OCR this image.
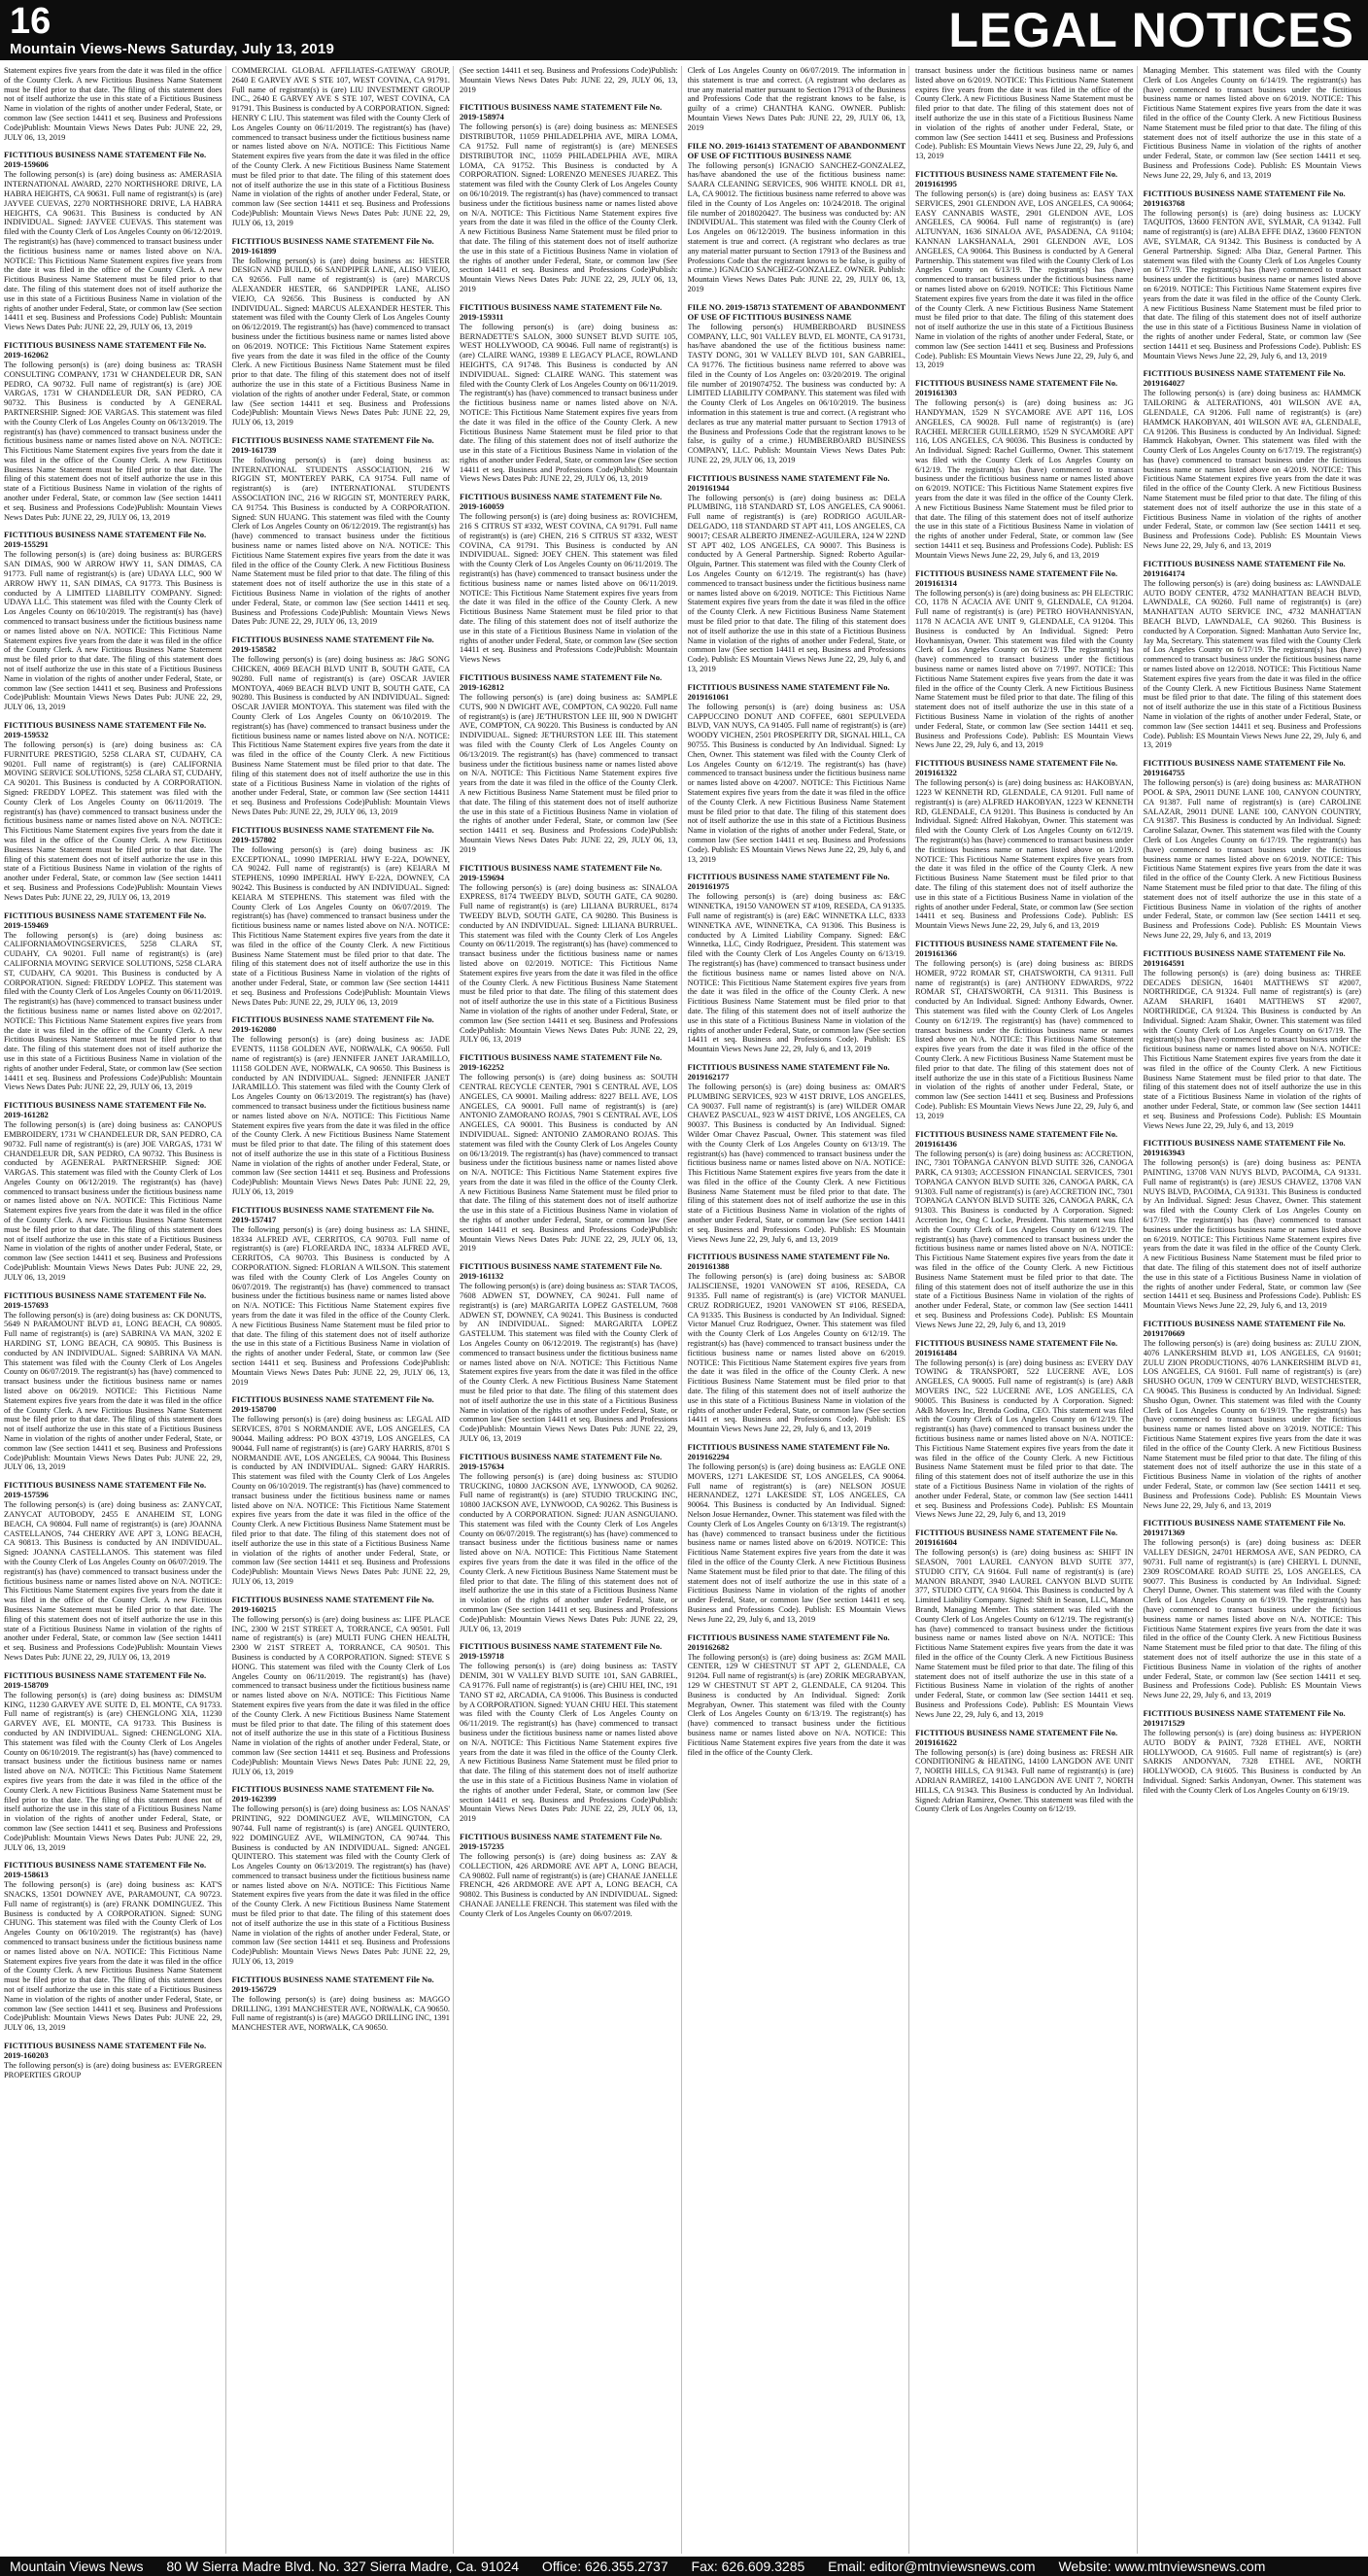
16
Mountain Views-News Saturday, July 13, 2019	LEGAL NOTICES

Statement expires five years from the date it was filed in the office of the County Clerk. A new Fictitious Business Name Statement must be filed prior to that date. The filing of this statement does not of itself authorize the use in this state of a Fictitious Business Name in violation of the rights of another under Federal, State, or common law (See section 14411 et seq. Business and Professions Code)Publish: Mountain Views News Dates Pub: JUNE 22, 29, JULY 06, 13, 2019

FICTITIOUS BUSINESS NAME STATEMENT File No. 2019-159606

The following person(s) is (are) doing business as: AMERASIA INTERNATIONAL AWARD, 2270 NORTHSHORE DRIVE, LA HABRA HEIGHTS, CA 90631. Full name of registrant(s) is (are) JAYVEE CUEVAS, 2270 NORTHSHORE DRIVE, LA HABRA HEIGHTS, CA 90631. This Business is conducted by AN INDIVIDUAL. Signed: JAYVEE CUEVAS. This statement was filed with the County Clerk of Los Angeles County on 06/12/2019. The registrant(s) has (have) commenced to transact business under the fictitious business name or names listed above on N/A. NOTICE: This Fictitious Name Statement expires five years from the date it was filed in the office of the County Clerk. A new Fictitious Business Name Statement must be filed prior to that date. The filing of this statement does not of itself authorize the use in this state of a Fictitious Business Name in violation of the rights of another under Federal, State, or common law (See section 14411 et seq. Business and Professions Code) Publish: Mountain Views News Dates Pub: JUNE 22, 29, JULY 06, 13, 2019

FICTITIOUS BUSINESS NAME STATEMENT File No. 2019-162062

The following person(s) is (are) doing business as: TRASH CONSULTING COMPANY, 1731 W CHANDELEUR DR, SAN PEDRO, CA 90732. Full name of registrant(s) is (are) JOE VARGAS, 1731 W CHANDELEUR DR, SAN PEDRO, CA 90732. This Business is conducted by A GENERAL PARTNERSHIP. Signed: JOE VARGAS. This statement was filed with the County Clerk of Los Angeles County on 06/13/2019. The registrant(s) has (have) commenced to transact business under the fictitious business name or names listed above on N/A. NOTICE: This Fictitious Name Statement expires five years from the date it was filed in the office of the County Clerk. A new Fictitious Business Name Statement must be filed prior to that date. The filing of this statement does not of itself authorize the use in this state of a Fictitious Business Name in violation of the rights of another under Federal, State, or common law (See section 14411 et seq. Business and Professions Code)Publish: Mountain Views News Dates Pub: JUNE 22, 29, JULY 06, 13, 2019

FICTITIOUS BUSINESS NAME STATEMENT File No. 2019-155291

The following person(s) is (are) doing business as: BURGERS SAN DIMAS, 900 W ARROW HWY 11, SAN DIMAS, CA 91773. Full name of registrant(s) is (are) UDAYA LLC, 900 W ARROW HWY 11, SAN DIMAS, CA 91773. This Business is conducted by A LIMITED LIABILITY COMPANY. Signed: UDAYA LLC. This statement was filed with the County Clerk of Los Angeles County on 06/10/2019. The registrant(s) has (have) commenced to transact business under the fictitious business name or names listed above on N/A. NOTICE: This Fictitious Name Statement expires five years from the date it was filed in the office of the County Clerk. A new Fictitious Business Name Statement must be filed prior to that date. The filing of this statement does not of itself authorize the use in this state of a Fictitious Business Name in violation of the rights of another under Federal, State, or common law (See section 14411 et seq. Business and Professions Code)Publish: Mountain Views News Dates Pub: JUNE 22, 29, JULY 06, 13, 2019

FICTITIOUS BUSINESS NAME STATEMENT File No. 2019-159532

The following person(s) is (are) doing business as: CA FURNITURE PRESTIGIO, 5258 CLARA ST, CUDAHY, CA 90201. Full name of registrant(s) is (are) CALIFORNIA MOVING SERVICE SOLUTIONS, 5258 CLARA ST, CUDAHY, CA 90201. This Business is conducted by A CORPORATION. Signed: FREDDY LOPEZ. This statement was filed with the County Clerk of Los Angeles County on 06/11/2019. The registrant(s) has (have) commenced to transact business under the fictitious business name or names listed above on N/A. NOTICE: This Fictitious Name Statement expires five years from the date it was filed in the office of the County Clerk. A new Fictitious Business Name Statement must be filed prior to that date. The filing of this statement does not of itself authorize the use in this state of a Fictitious Business Name in violation of the rights of another under Federal, State, or common law (See section 14411 et seq. Business and Professions Code)Publish: Mountain Views News Dates Pub: JUNE 22, 29, JULY 06, 13, 2019

FICTITIOUS BUSINESS NAME STATEMENT File No. 2019-159469

The following person(s) is (are) doing business as: CALIFORNIAMOVINGSERVICES, 5258 CLARA ST, CUDAHY, CA 90201. Full name of registrant(s) is (are) CALIFORNIA MOVING SERVICE SOLUTIONS, 5258 CLARA ST, CUDAHY, CA 90201. This Business is conducted by A CORPORATION. Signed: FREDDY LOPEZ. This statement was filed with the County Clerk of Los Angeles County on 06/11/2019. The registrant(s) has (have) commenced to transact business under the fictitious business name or names listed above on 02/2017. NOTICE: This Fictitious Name Statement expires five years from the date it was filed in the office of the County Clerk. A new Fictitious Business Name Statement must be filed prior to that date. The filing of this statement does not of itself authorize the use in this state of a Fictitious Business Name in violation of the rights of another under Federal, State, or common law (See section 14411 et seq. Business and Professions Code)Publish: Mountain Views News Dates Pub: JUNE 22, 29, JULY 06, 13, 2019

FICTITIOUS BUSINESS NAME STATEMENT File No. 2019-161282

The following person(s) is (are) doing business as: CANOPUS EMBROIDERY, 1731 W CHANDELEUR DR, SAN PEDRO, CA 90732. Full name of registrant(s) is (are) JOE VARGAS, 1731 W CHANDELEUR DR, SAN PEDRO, CA 90732. This Business is conducted by AGENERAL PARTNERSHIP. Signed: JOE VARGAS. This statement was filed with the County Clerk of Los Angeles County on 06/12/2019. The registrant(s) has (have) commenced to transact business under the fictitious business name or names listed above on N/A. NOTICE: This Fictitious Name Statement expires five years from the date it was filed in the office of the County Clerk. A new Fictitious Business Name Statement must be filed prior to that date. The filing of this statement does not of itself authorize the use in this state of a Fictitious Business Name in violation of the rights of another under Federal, State, or common law (See section 14411 et seq. Business and Professions Code)Publish: Mountain Views News Dates Pub: JUNE 22, 29, JULY 06, 13, 2019

FICTITIOUS BUSINESS NAME STATEMENT File No. 2019-157693

The following person(s) is (are) doing business as: CK DONUTS, 5649 N PARAMOUNT BLVD #1, LONG BEACH, CA 90805. Full name of registrant(s) is (are) SABRINA VA MAN, 3202 E HARDING ST, LONG BEACH, CA 90805. This Business is conducted by AN INDIVIDUAL. Signed: SABRINA VA MAN. This statement was filed with the County Clerk of Los Angeles County on 06/07/2019. The registrant(s) has (have) commenced to transact business under the fictitious business name or names listed above on 06/2019. NOTICE: This Fictitious Name Statement expires five years from the date it was filed in the office of the County Clerk. A new Fictitious Business Name Statement must be filed prior to that date. The filing of this statement does not of itself authorize the use in this state of a Fictitious Business Name in violation of the rights of another under Federal, State, or common law (See section 14411 et seq. Business and Professions Code)Publish: Mountain Views News Dates Pub: JUNE 22, 29, JULY 06, 13, 2019

FICTITIOUS BUSINESS NAME STATEMENT File No. 2019-157596

The following person(s) is (are) doing business as: ZANYCAT, ZANYCAT AUTOBODY, 2455 E ANAHEIM ST, LONG BEACH, CA 90804. Full name of registrant(s) is (are) JOANNA CASTELLANOS, 744 CHERRY AVE APT 3, LONG BEACH, CA 90813. This Business is conducted by AN INDIVIDUAL. Signed: JOANNA CASTELLANOS. This statement was filed with the County Clerk of Los Angeles County on 06/07/2019. The registrant(s) has (have) commenced to transact business under the fictitious business name or names listed above on N/A. NOTICE: This Fictitious Name Statement expires five years from the date it was filed in the office of the County Clerk. A new Fictitious Business Name Statement must be filed prior to that date. The filing of this statement does not of itself authorize the use in this state of a Fictitious Business Name in violation of the rights of another under Federal, State, or common law (See section 14411 et seq. Business and Professions Code)Publish: Mountain Views News Dates Pub: JUNE 22, 29, JULY 06, 13, 2019

FICTITIOUS BUSINESS NAME STATEMENT File No. 2019-158709

The following person(s) is (are) doing business as: DIMSUM KING, 11230 GARVEY AVE SUITE D, EL MONTE, CA 91733. Full name of registrant(s) is (are) CHENGLONG XIA, 11230 GARVEY AVE, EL MONTE, CA 91733. This Business is conducted by AN INDIVIDUAL. Signed: CHENGLONG XIA. This statement was filed with the County Clerk of Los Angeles County on 06/10/2019. The registrant(s) has (have) commenced to transact business under the fictitious business name or names listed above on N/A. NOTICE: This Fictitious Name Statement expires five years from the date it was filed in the office of the County Clerk. A new Fictitious Business Name Statement must be filed prior to that date. The filing of this statement does not of itself authorize the use in this state of a Fictitious Business Name in violation of the rights of another under Federal, State, or common law (See section 14411 et seq. Business and Professions Code)Publish: Mountain Views News Dates Pub: JUNE 22, 29, JULY 06, 13, 2019

FICTITIOUS BUSINESS NAME STATEMENT File No. 2019-158613

The following person(s) is (are) doing business as: KAT'S SNACKS, 13501 DOWNEY AVE, PARAMOUNT, CA 90723. Full name of registrant(s) is (are) FRANK DOMINGUEZ. This Business is conducted by A CORPORATION. Signed: SUNG CHUNG. This statement was filed with the County Clerk of Los Angeles County on 06/10/2019. The registrant(s) has (have) commenced to transact business under the fictitious business name or names listed above on N/A. NOTICE: This Fictitious Name Statement expires five years from the date it was filed in the office of the County Clerk. A new Fictitious Business Name Statement must be filed prior to that date. The filing of this statement does not of itself authorize the use in this state of a Fictitious Business Name in violation of the rights of another under Federal, State, or common law (See section 14411 et seq. Business and Professions Code)Publish: Mountain Views News Dates Pub: JUNE 22, 29, JULY 06, 13, 2019

FICTITIOUS BUSINESS NAME STATEMENT File No. 2019-160203

The following person(s) is (are) doing business as: EVERGREEN PROPERTIES GROUP

COMMERCIAL GLOBAL AFFILIATES-GATEWAY GROUP, 2640 E GARVEY AVE S STE 107, WEST COVINA, CA 91791. Full name of registrant(s) is (are) LIU INVESTMENT GROUP INC., 2640 E GARVEY AVE S STE 107, WEST COVINA, CA 91791. This Business is conducted by A CORPORATION. Signed: HENRY C LIU. This statement was filed with the County Clerk of Los Angeles County on 06/11/2019. The registrant(s) has (have) commenced to transact business under the fictitious business name or names listed above on N/A. NOTICE: This Fictitious Name Statement expires five years from the date it was filed in the office of the County Clerk. A new Fictitious Business Name Statement must be filed prior to that date. The filing of this statement does not of itself authorize the use in this state of a Fictitious Business Name in violation of the rights of another under Federal, State, or common law (See section 14411 et seq. Business and Professions Code)Publish: Mountain Views News Dates Pub: JUNE 22, 29, JULY 06, 13, 2019

FICTITIOUS BUSINESS NAME STATEMENT File No. 2019-161899

The following person(s) is (are) doing business as: HESTER DESIGN AND BUILD, 66 SANDPIPER LANE, ALISO VIEJO, CA 92656. Full name of registrant(s) is (are) MARCUS ALEXANDER HESTER, 66 SANDPIPER LANE, ALISO VIEJO, CA 92656. This Business is conducted by AN INDIVIDUAL. Signed: MARCUS ALEXANDER HESTER. This statement was filed with the County Clerk of Los Angeles County on 06/12/2019. The registrant(s) has (have) commenced to transact business under the fictitious business name or names listed above on 06/2019. NOTICE: This Fictitious Name Statement expires five years from the date it was filed in the office of the County Clerk. A new Fictitious Business Name Statement must be filed prior to that date. The filing of this statement does not of itself authorize the use in this state of a Fictitious Business Name in violation of the rights of another under Federal, State, or common law (See section 14411 et seq. Business and Professions Code)Publish: Mountain Views News Dates Pub: JUNE 22, 29, JULY 06, 13, 2019

FICTITIOUS BUSINESS NAME STATEMENT File No. 2019-161739

The following person(s) is (are) doing business as: INTERNATIONAL STUDENTS ASSOCIATION, 216 W RIGGIN ST, MONTEREY PARK, CA 91754. Full name of registrant(s) is (are) INTERNATIONAL STUDENTS ASSOCIATION INC, 216 W RIGGIN ST, MONTEREY PARK, CA 91754. This Business is conducted by A CORPORATION. Signed: SUN HUANG. This statement was filed with the County Clerk of Los Angeles County on 06/12/2019. The registrant(s) has (have) commenced to transact business under the fictitious business name or names listed above on N/A. NOTICE: This Fictitious Name Statement expires five years from the date it was filed in the office of the County Clerk. A new Fictitious Business Name Statement must be filed prior to that date. The filing of this statement does not of itself authorize the use in this state of a Fictitious Business Name in violation of the rights of another under Federal, State, or common law (See section 14411 et seq. Business and Professions Code)Publish: Mountain Views News Dates Pub: JUNE 22, 29, JULY 06, 13, 2019

FICTITIOUS BUSINESS NAME STATEMENT File No. 2019-158582

The following person(s) is (are) doing business as: J&G SONG CHICKEN, 4069 BEACH BLVD UNIT B, SOUTH GATE, CA 90280. Full name of registrant(s) is (are) OSCAR JAVIER MONTOYA, 4069 BEACH BLVD UNIT B, SOUTH GATE, CA 90280. This Business is conducted by AN INDIVIDUAL. Signed: OSCAR JAVIER MONTOYA. This statement was filed with the County Clerk of Los Angeles County on 06/10/2019. The registrant(s) has (have) commenced to transact business under the fictitious business name or names listed above on N/A. NOTICE: This Fictitious Name Statement expires five years from the date it was filed in the office of the County Clerk. A new Fictitious Business Name Statement must be filed prior to that date. The filing of this statement does not of itself authorize the use in this state of a Fictitious Business Name in violation of the rights of another under Federal, State, or common law (See section 14411 et seq. Business and Professions Code)Publish: Mountain Views News Dates Pub: JUNE 22, 29, JULY 06, 13, 2019

FICTITIOUS BUSINESS NAME STATEMENT File No. 2019-157802

The following person(s) is (are) doing business as: JK EXCEPTIONAL, 10990 IMPERIAL HWY E-22A, DOWNEY, CA 90242. Full name of registrant(s) is (are) KEIARA M STEPHENS, 10990 IMPERIAL HWY E-22A, DOWNEY, CA 90242. This Business is conducted by AN INDIVIDUAL. Signed: KEIARA M STEPHENS. This statement was filed with the County Clerk of Los Angeles County on 06/07/2019. The registrant(s) has (have) commenced to transact business under the fictitious business name or names listed above on N/A. NOTICE: This Fictitious Name Statement expires five years from the date it was filed in the office of the County Clerk. A new Fictitious Business Name Statement must be filed prior to that date. The filing of this statement does not of itself authorize the use in this state of a Fictitious Business Name in violation of the rights of another under Federal, State, or common law (See section 14411 et seq. Business and Professions Code)Publish: Mountain Views News Dates Pub: JUNE 22, 29, JULY 06, 13, 2019

FICTITIOUS BUSINESS NAME STATEMENT File No. 2019-162080

The following person(s) is (are) doing business as: JADE EVENTS, 11158 GOLDEN AVE, NORWALK, CA 90650. Full name of registrant(s) is (are) JENNIFER JANET JARAMILLO, 11158 GOLDEN AVE, NORWALK, CA 90650. This Business is conducted by AN INDIVIDUAL. Signed: JENNIFER JANET JARAMILLO. This statement was filed with the County Clerk of Los Angeles County on 06/13/2019. The registrant(s) has (have) commenced to transact business under the fictitious business name or names listed above on N/A. NOTICE: This Fictitious Name Statement expires five years from the date it was filed in the office of the County Clerk. A new Fictitious Business Name Statement must be filed prior to that date. The filing of this statement does not of itself authorize the use in this state of a Fictitious Business Name in violation of the rights of another under Federal, State, or common law (See section 14411 et seq. Business and Professions Code)Publish: Mountain Views News Dates Pub: JUNE 22, 29, JULY 06, 13, 2019

FICTITIOUS BUSINESS NAME STATEMENT File No. 2019-157417

The following person(s) is (are) doing business as: LA SHINE, 18334 ALFRED AVE, CERRITOS, CA 90703. Full name of registrant(s) is (are) FLOREARDA INC, 18334 ALFRED AVE, CERRITOS, CA 90703. This Business is conducted by A CORPORATION. Signed: FLORIAN A WILSON. This statement was filed with the County Clerk of Los Angeles County on 06/07/2019. The registrant(s) has (have) commenced to transact business under the fictitious business name or names listed above on N/A. NOTICE: This Fictitious Name Statement expires five years from the date it was filed in the office of the County Clerk. A new Fictitious Business Name Statement must be filed prior to that date. The filing of this statement does not of itself authorize the use in this state of a Fictitious Business Name in violation of the rights of another under Federal, State, or common law (See section 14411 et seq. Business and Professions Code)Publish: Mountain Views News Dates Pub: JUNE 22, 29, JULY 06, 13, 2019

FICTITIOUS BUSINESS NAME STATEMENT File No. 2019-158700

The following person(s) is (are) doing business as: LEGAL AID SERVICES, 8701 S NORMANDIE AVE, LOS ANGELES, CA 90044. Mailing address: PO BOX 43719, LOS ANGELES, CA 90044. Full name of registrant(s) is (are) GARY HARRIS, 8701 S NORMANDIE AVE, LOS ANGELES, CA 90044. This Business is conducted by AN INDIVIDUAL. Signed: GARY HARRIS. This statement was filed with the County Clerk of Los Angeles County on 06/10/2019. The registrant(s) has (have) commenced to transact business under the fictitious business name or names listed above on N/A. NOTICE: This Fictitious Name Statement expires five years from the date it was filed in the office of the County Clerk. A new Fictitious Business Name Statement must be filed prior to that date. The filing of this statement does not of itself authorize the use in this state of a Fictitious Business Name in violation of the rights of another under Federal, State, or common law (See section 14411 et seq. Business and Professions Code)Publish: Mountain Views News Dates Pub: JUNE 22, 29, JULY 06, 13, 2019

FICTITIOUS BUSINESS NAME STATEMENT File No. 2019-160215

The following person(s) is (are) doing business as: LIFE PLACE INC, 2300 W 21ST STREET A, TORRANCE, CA 90501. Full name of registrant(s) is (are) MULTI FUNG CHEN HEALTH, 2300 W 21ST STREET A, TORRANCE, CA 90501. This Business is conducted by A CORPORATION. Signed: STEVE S HONG. This statement was filed with the County Clerk of Los Angeles County on 06/11/2019. The registrant(s) has (have) commenced to transact business under the fictitious business name or names listed above on N/A. NOTICE: This Fictitious Name Statement expires five years from the date it was filed in the office of the County Clerk. A new Fictitious Business Name Statement must be filed prior to that date. The filing of this statement does not of itself authorize the use in this state of a Fictitious Business Name in violation of the rights of another under Federal, State, or common law (See section 14411 et seq. Business and Professions Code)Publish: Mountain Views News Dates Pub: JUNE 22, 29, JULY 06, 13, 2019

FICTITIOUS BUSINESS NAME STATEMENT File No. 2019-162399

The following person(s) is (are) doing business as: LOS NANAS' PRINTING, 922 DOMINGUEZ AVE, WILMINGTON, CA 90744. Full name of registrant(s) is (are) ANGEL QUINTERO, 922 DOMINGUEZ AVE, WILMINGTON, CA 90744. This Business is conducted by AN INDIVIDUAL. Signed: ANGEL QUINTERO. This statement was filed with the County Clerk of Los Angeles County on 06/13/2019. The registrant(s) has (have) commenced to transact business under the fictitious business name or names listed above on N/A. NOTICE: This Fictitious Name Statement expires five years from the date it was filed in the office of the County Clerk. A new Fictitious Business Name Statement must be filed prior to that date. The filing of this statement does not of itself authorize the use in this state of a Fictitious Business Name in violation of the rights of another under Federal, State, or common law (See section 14411 et seq. Business and Professions Code)Publish: Mountain Views News Dates Pub: JUNE 22, 29, JULY 06, 13, 2019

FICTITIOUS BUSINESS NAME STATEMENT File No. 2019-156729

The following person(s) is (are) doing business as: MAGGO DRILLING, 1391 MANCHESTER AVE, NORWALK, CA 90650. Full name of registrant(s) is (are) MAGGO DRILLING INC, 1391 MANCHESTER AVE, NORWALK, CA 90650.

(See section 14411 et seq. Business and Professions Code)Publish: Mountain Views News Dates Pub: JUNE 22, 29, JULY 06, 13, 2019

FICTITIOUS BUSINESS NAME STATEMENT File No. 2019-158974

The following person(s) is (are) doing business as: MENESES DISTRIBUTOR, 11059 PHILADELPHIA AVE, MIRA LOMA, CA 91752. Full name of registrant(s) is (are) MENESES DISTRIBUTOR INC, 11059 PHILADELPHIA AVE, MIRA LOMA, CA 91752. This Business is conducted by A CORPORATION. Signed: LORENZO MENESES JUAREZ. This statement was filed with the County Clerk of Los Angeles County on 06/10/2019. The registrant(s) has (have) commenced to transact business under the fictitious business name or names listed above on N/A. NOTICE: This Fictitious Name Statement expires five years from the date it was filed in the office of the County Clerk. A new Fictitious Business Name Statement must be filed prior to that date. The filing of this statement does not of itself authorize the use in this state of a Fictitious Business Name in violation of the rights of another under Federal, State, or common law (See section 14411 et seq. Business and Professions Code)Publish: Mountain Views News Dates Pub: JUNE 22, 29, JULY 06, 13, 2019

FICTITIOUS BUSINESS NAME STATEMENT File No. 2019-159311

The following person(s) is (are) doing business as: BERNADETTE'S SALON, 3000 SUNSET BLVD SUITE 105, WEST HOLLYWOOD, CA 90046. Full name of registrant(s) is (are) CLAIRE WANG, 19389 E LEGACY PLACE, ROWLAND HEIGHTS, CA 91748. This Business is conducted by AN INDIVIDUAL. Signed: CLAIRE WANG. This statement was filed with the County Clerk of Los Angeles County on 06/11/2019. The registrant(s) has (have) commenced to transact business under the fictitious business name or names listed above on N/A. NOTICE: This Fictitious Name Statement expires five years from the date it was filed in the office of the County Clerk. A new Fictitious Business Name Statement must be filed prior to that date. The filing of this statement does not of itself authorize the use in this state of a Fictitious Business Name in violation of the rights of another under Federal, State, or common law (See section 14411 et seq. Business and Professions Code)Publish: Mountain Views News Dates Pub: JUNE 22, 29, JULY 06, 13, 2019

FICTITIOUS BUSINESS NAME STATEMENT File No. 2019-160059

The following person(s) is (are) doing business as: ROVICHEM, 216 S CITRUS ST #332, WEST COVINA, CA 91791. Full name of registrant(s) is (are) CHEN, 216 S CITRUS ST #332, WEST COVINA, CA 91791. This Business is conducted by AN INDIVIDUAL. Signed: JOEY CHEN. This statement was filed with the County Clerk of Los Angeles County on 06/11/2019. The registrant(s) has (have) commenced to transact business under the fictitious business name or names listed above on 06/11/2019. NOTICE: This Fictitious Name Statement expires five years from the date it was filed in the office of the County Clerk. A new Fictitious Business Name Statement must be filed prior to that date. The filing of this statement does not of itself authorize the use in this state of a Fictitious Business Name in violation of the rights of another under Federal, State, or common law (See section 14411 et seq. Business and Professions Code)Publish: Mountain Views News

FICTITIOUS BUSINESS NAME STATEMENT File No. 2019-162812

The following person(s) is (are) doing business as: SAMPLE CUTS, 900 N DWIGHT AVE, COMPTON, CA 90220. Full name of registrant(s) is (are) JE'THURSTON LEE III, 900 N DWIGHT AVE, COMPTON, CA 90220. This Business is conducted by AN INDIVIDUAL. Signed: JE'THURSTON LEE III. This statement was filed with the County Clerk of Los Angeles County on 06/13/2019. The registrant(s) has (have) commenced to transact business under the fictitious business name or names listed above on N/A. NOTICE: This Fictitious Name Statement expires five years from the date it was filed in the office of the County Clerk. A new Fictitious Business Name Statement must be filed prior to that date. The filing of this statement does not of itself authorize the use in this state of a Fictitious Business Name in violation of the rights of another under Federal, State, or common law (See section 14411 et seq. Business and Professions Code)Publish: Mountain Views News Dates Pub: JUNE 22, 29, JULY 06, 13, 2019

FICTITIOUS BUSINESS NAME STATEMENT File No. 2019-159694

The following person(s) is (are) doing business as: SINALOA EXPRESS, 8174 TWEEDY BLVD, SOUTH GATE, CA 90280. Full name of registrant(s) is (are) LILIANA BURRUEL, 8174 TWEEDY BLVD, SOUTH GATE, CA 90280. This Business is conducted by AN INDIVIDUAL. Signed: LILIANA BURRUEL. This statement was filed with the County Clerk of Los Angeles County on 06/11/2019. The registrant(s) has (have) commenced to transact business under the fictitious business name or names listed above on 02/2019. NOTICE: This Fictitious Name Statement expires five years from the date it was filed in the office of the County Clerk. A new Fictitious Business Name Statement must be filed prior to that date. The filing of this statement does not of itself authorize the use in this state of a Fictitious Business Name in violation of the rights of another under Federal, State, or common law (See section 14411 et seq. Business and Professions Code)Publish: Mountain Views News Dates Pub: JUNE 22, 29, JULY 06, 13, 2019

FICTITIOUS BUSINESS NAME STATEMENT File No. 2019-162252

The following person(s) is (are) doing business as: SOUTH CENTRAL RECYCLE CENTER, 7901 S CENTRAL AVE, LOS ANGELES, CA 90001. Mailing address: 8227 BELL AVE, LOS ANGELES, CA 90001. Full name of registrant(s) is (are) ANTONIO ZAMORANO ROJAS, 7901 S CENTRAL AVE, LOS ANGELES, CA 90001. This Business is conducted by AN INDIVIDUAL. Signed: ANTONIO ZAMORANO ROJAS. This statement was filed with the County Clerk of Los Angeles County on 06/13/2019. The registrant(s) has (have) commenced to transact business under the fictitious business name or names listed above on N/A. NOTICE: This Fictitious Name Statement expires five years from the date it was filed in the office of the County Clerk. A new Fictitious Business Name Statement must be filed prior to that date. The filing of this statement does not of itself authorize the use in this state of a Fictitious Business Name in violation of the rights of another under Federal, State, or common law (See section 14411 et seq. Business and Professions Code)Publish: Mountain Views News Dates Pub: JUNE 22, 29, JULY 06, 13, 2019

FICTITIOUS BUSINESS NAME STATEMENT File No. 2019-161132

The following person(s) is (are) doing business as: STAR TACOS, 7608 ADWEN ST, DOWNEY, CA 90241. Full name of registrant(s) is (are) MARGARITA LOPEZ GASTELUM, 7608 ADWEN ST, DOWNEY, CA 90241. This Business is conducted by AN INDIVIDUAL. Signed: MARGARITA LOPEZ GASTELUM. This statement was filed with the County Clerk of Los Angeles County on 06/12/2019. The registrant(s) has (have) commenced to transact business under the fictitious business name or names listed above on N/A. NOTICE: This Fictitious Name Statement expires five years from the date it was filed in the office of the County Clerk. A new Fictitious Business Name Statement must be filed prior to that date. The filing of this statement does not of itself authorize the use in this state of a Fictitious Business Name in violation of the rights of another under Federal, State, or common law (See section 14411 et seq. Business and Professions Code)Publish: Mountain Views News Dates Pub: JUNE 22, 29, JULY 06, 13, 2019

FICTITIOUS BUSINESS NAME STATEMENT File No. 2019-157634

The following person(s) is (are) doing business as: STUDIO TRUCKING, 10800 JACKSON AVE, LYNWOOD, CA 90262. Full name of registrant(s) is (are) STUDIO TRUCKING INC, 10800 JACKSON AVE, LYNWOOD, CA 90262. This Business is conducted by A CORPORATION. Signed: JUAN ASNGUIANO. This statement was filed with the County Clerk of Los Angeles County on 06/07/2019. The registrant(s) has (have) commenced to transact business under the fictitious business name or names listed above on N/A. NOTICE: This Fictitious Name Statement expires five years from the date it was filed in the office of the County Clerk. A new Fictitious Business Name Statement must be filed prior to that date. The filing of this statement does not of itself authorize the use in this state of a Fictitious Business Name in violation of the rights of another under Federal, State, or common law (See section 14411 et seq. Business and Professions Code)Publish: Mountain Views News Dates Pub: JUNE 22, 29, JULY 06, 13, 2019

FICTITIOUS BUSINESS NAME STATEMENT File No. 2019-159718

The following person(s) is (are) doing business as: TASTY DENIM, 301 W VALLEY BLVD SUITE 101, SAN GABRIEL, CA 91776. Full name of registrant(s) is (are) CHIU HEI, INC, 191 TANO ST #2, ARCADIA, CA 91006. This Business is conducted by A CORPORATION. Signed: YUAN CHIU HEI. This statement was filed with the County Clerk of Los Angeles County on 06/11/2019. The registrant(s) has (have) commenced to transact business under the fictitious business name or names listed above on N/A. NOTICE: This Fictitious Name Statement expires five years from the date it was filed in the office of the County Clerk. A new Fictitious Business Name Statement must be filed prior to that date. The filing of this statement does not of itself authorize the use in this state of a Fictitious Business Name in violation of the rights of another under Federal, State, or common law (See section 14411 et seq. Business and Professions Code)Publish: Mountain Views News Dates Pub: JUNE 22, 29, JULY 06, 13, 2019

FICTITIOUS BUSINESS NAME STATEMENT File No. 2019-157235

The following person(s) is (are) doing business as: ZAY & COLLECTION, 426 ARDMORE AVE APT A, LONG BEACH, CA 90802. Full name of registrant(s) is (are) CHANAE JANELLE FRENCH, 426 ARDMORE AVE APT A, LONG BEACH, CA 90802. This Business is conducted by AN INDIVIDUAL. Signed: CHANAE JANELLE FRENCH. This statement was filed with the County Clerk of Los Angeles County on 06/07/2019.

Clerk of Los Angeles County on 06/07/2019. The information in this statement is true and correct. (A registrant who declares as true any material matter pursuant to Section 17913 of the Business and Professions Code that the registrant knows to be false, is guilty of a crime) CHANTHA KANG. OWNER. Publish: Mountain Views News Dates Pub: JUNE 22, 29, JULY 06, 13, 2019

FILE NO. 2019-161413 STATEMENT OF ABANDONMENT OF USE OF FICTITIOUS BUSINESS NAME

The following person(s) IGNACIO SANCHEZ-GONZALEZ, has/have abandoned the use of the fictitious business name: SAARA CLEANING SERVICES, 906 WHITE KNOLL DR #1, LA, CA 90012. The fictitious business name referred to above was filed in the County of Los Angeles on: 10/24/2018. The original file number of 2018020427. The business was conducted by: AN INDIVIDUAL. This statement was filed with the County Clerk of Los Angeles on 06/12/2019. The business information in this statement is true and correct. (A registrant who declares as true any material matter pursuant to Section 17913 of the Business and Professions Code that the registrant knows to be false, is guilty of a crime.) IGNACIO SANCHEZ-GONZALEZ. OWNER. Publish: Mountain Views News Dates Pub: JUNE 22, 29, JULY 06, 13, 2019

FILE NO. 2019-158713 STATEMENT OF ABANDONMENT OF USE OF FICTITIOUS BUSINESS NAME

The following person(s) HUMBERBOARD BUSINESS COMPANY, LLC, 901 VALLEY BLVD, EL MONTE, CA 91731, has/have abandoned the use of the fictitious business name: TASTY DONG, 301 W VALLEY BLVD 101, SAN GABRIEL, CA 91776. The fictitious business name referred to above was filed in the County of Los Angeles on: 03/20/2019. The original file number of 2019074752. The business was conducted by: A LIMITED LIABILITY COMPANY. This statement was filed with the County Clerk of Los Angeles on 06/10/2019. The business information in this statement is true and correct. (A registrant who declares as true any material matter pursuant to Section 17913 of the Business and Professions Code that the registrant knows to be false, is guilty of a crime.) HUMBERBOARD BUSINESS COMPANY, LLC. Publish: Mountain Views News Dates Pub: JUNE 22, 29, JULY 06, 13, 2019

FICTITIOUS BUSINESS NAME STATEMENT File No. 2019161944

The following person(s) is (are) doing business as: DELA PLUMBING, 118 STANDARD ST, LOS ANGELES, CA 90061. Full name of registrant(s) is (are) RODRIGO AGUILAR-DELGADO, 118 STANDARD ST APT 411, LOS ANGELES, CA 90017; CESAR ALBERTO JIMENEZ-AGUILERA, 124 W 22ND ST APT 402, LOS ANGELES, CA 90007. This Business is conducted by A General Partnership. Signed: Roberto Aguilar-Olguin, Partner. This statement was filed with the County Clerk of Los Angeles County on 6/12/19. The registrant(s) has (have) commenced to transact business under the fictitious business name or names listed above on 6/2019. NOTICE: This Fictitious Name Statement expires five years from the date it was filed in the office of the County Clerk. A new Fictitious Business Name Statement must be filed prior to that date. The filing of this statement does not of itself authorize the use in this state of a Fictitious Business Name in violation of the rights of another under Federal, State, or common law (See section 14411 et seq. Business and Professions Code). Publish: ES Mountain Views News June 22, 29, July 6, and 13, 2019

FICTITIOUS BUSINESS NAME STATEMENT File No. 2019161061

The following person(s) is (are) doing business as: USA CAPPUCCINO DONUT AND COFFEE, 6801 SEPULVEDA BLVD, VAN NUYS, CA 91405. Full name of registrant(s) is (are) WOODY VICHEN, 2501 PROSPERITY DR, SIGNAL HILL, CA 90755. This Business is conducted by An Individual. Signed: Ly Chen, Owner. This statement was filed with the County Clerk of Los Angeles County on 6/12/19. The registrant(s) has (have) commenced to transact business under the fictitious business name or names listed above on 4/2007. NOTICE: This Fictitious Name Statement expires five years from the date it was filed in the office of the County Clerk. A new Fictitious Business Name Statement must be filed prior to that date. The filing of this statement does not of itself authorize the use in this state of a Fictitious Business Name in violation of the rights of another under Federal, State, or common law (See section 14411 et seq. Business and Professions Code). Publish: ES Mountain Views News June 22, 29, July 6, and 13, 2019

FICTITIOUS BUSINESS NAME STATEMENT File No. 2019161975

The following person(s) is (are) doing business as: E&C WINNETKA, 19150 VANOWEN ST #109, RESEDA, CA 91335. Full name of registrant(s) is (are) E&C WINNETKA LLC, 8333 WINNETKA AVE, WINNETKA, CA 91306. This Business is conducted by A Limited Liability Company. Signed: E&C Winnetka, LLC, Cindy Rodriguez, President. This statement was filed with the County Clerk of Los Angeles County on 6/13/19. The registrant(s) has (have) commenced to transact business under the fictitious business name or names listed above on N/A. NOTICE: This Fictitious Name Statement expires five years from the date it was filed in the office of the County Clerk. A new Fictitious Business Name Statement must be filed prior to that date. The filing of this statement does not of itself authorize the use in this state of a Fictitious Business Name in violation of the rights of another under Federal, State, or common law (See section 14411 et seq. Business and Professions Code). Publish: ES Mountain Views News June 22, 29, July 6, and 13, 2019

FICTITIOUS BUSINESS NAME STATEMENT File No. 2019162177

The following person(s) is (are) doing business as: OMAR'S PLUMBING SERVICES, 923 W 41ST DRIVE, LOS ANGELES, CA 90037. Full name of registrant(s) is (are) WILDER OMAR CHAVEZ PASCUAL, 923 W 41ST DRIVE, LOS ANGELES, CA 90037. This Business is conducted by An Individual. Signed: Wilder Omar Chavez Pascual, Owner. This statement was filed with the County Clerk of Los Angeles County on 6/13/19. The registrant(s) has (have) commenced to transact business under the fictitious business name or names listed above on N/A. NOTICE: This Fictitious Name Statement expires five years from the date it was filed in the office of the County Clerk. A new Fictitious Business Name Statement must be filed prior to that date. The filing of this statement does not of itself authorize the use in this state of a Fictitious Business Name in violation of the rights of another under Federal, State, or common law (See section 14411 et seq. Business and Professions Code). Publish: ES Mountain Views News June 22, 29, July 6, and 13, 2019

FICTITIOUS BUSINESS NAME STATEMENT File No. 2019161388

The following person(s) is (are) doing business as: SABOR JALISCIENSE, 19201 VANOWEN ST #106, RESEDA, CA 91335. Full name of registrant(s) is (are) VICTOR MANUEL CRUZ RODRIGUEZ, 19201 VANOWEN ST #106, RESEDA, CA 91335. This Business is conducted by An Individual. Signed: Victor Manuel Cruz Rodriguez, Owner. This statement was filed with the County Clerk of Los Angeles County on 6/12/19. The registrant(s) has (have) commenced to transact business under the fictitious business name or names listed above on 6/2019. NOTICE: This Fictitious Name Statement expires five years from the date it was filed in the office of the County Clerk. A new Fictitious Business Name Statement must be filed prior to that date. The filing of this statement does not of itself authorize the use in this state of a Fictitious Business Name in violation of the rights of another under Federal, State, or common law (See section 14411 et seq. Business and Professions Code). Publish: ES Mountain Views News June 22, 29, July 6, and 13, 2019

FICTITIOUS BUSINESS NAME STATEMENT File No. 2019162294

The following person(s) is (are) doing business as: EAGLE ONE MOVERS, 1271 LAKESIDE ST, LOS ANGELES, CA 90064. Full name of registrant(s) is (are) NELSON JOSUE HERNANDEZ, 1271 LAKESIDE ST, LOS ANGELES, CA 90064. This Business is conducted by An Individual. Signed: Nelson Josue Hernandez, Owner. This statement was filed with the County Clerk of Los Angeles County on 6/13/19. The registrant(s) has (have) commenced to transact business under the fictitious business name or names listed above on 6/2019. NOTICE: This Fictitious Name Statement expires five years from the date it was filed in the office of the County Clerk. A new Fictitious Business Name Statement must be filed prior to that date. The filing of this statement does not of itself authorize the use in this state of a Fictitious Business Name in violation of the rights of another under Federal, State, or common law (See section 14411 et seq. Business and Professions Code). Publish: ES Mountain Views News June 22, 29, July 6, and 13, 2019

FICTITIOUS BUSINESS NAME STATEMENT File No. 2019162682

The following person(s) is (are) doing business as: ZGM MAIL CENTER, 129 W CHESTNUT ST APT 2, GLENDALE, CA 91204. Full name of registrant(s) is (are) ZORIK MEGRABYAN, 129 W CHESTNUT ST APT 2, GLENDALE, CA 91204. This Business is conducted by An Individual. Signed: Zorik Megrabyan, Owner. This statement was filed with the County Clerk of Los Angeles County on 6/13/19. The registrant(s) has (have) commenced to transact business under the fictitious business name or names listed above on N/A. NOTICE: This Fictitious Name Statement expires five years from the date it was filed in the office of the County Clerk.

transact business under the fictitious business name or names listed above on 6/2019. NOTICE: This Fictitious Name Statement expires five years from the date it was filed in the office of the County Clerk. A new Fictitious Business Name Statement must be filed prior to that date. The filing of this statement does not of itself authorize the use in this state of a Fictitious Business Name in violation of the rights of another under Federal, State, or common law (See section 14411 et seq. Business and Professions Code). Publish: ES Mountain Views News June 22, 29, July 6, and 13, 2019

FICTITIOUS BUSINESS NAME STATEMENT File No. 2019161995

The following person(s) is (are) doing business as: EASY TAX SERVICES, 2901 GLENDON AVE, LOS ANGELES, CA 90064; EASY CANNABIS WASTE, 2901 GLENDON AVE, LOS ANGELES, CA 90064. Full name of registrant(s) is (are) ALTUNYAN, 1636 SINALOA AVE, PASADENA, CA 91104; KANNAN LAKSHANALA, 2901 GLENDON AVE, LOS ANGELES, CA 90064. This Business is conducted by A General Partnership. This statement was filed with the County Clerk of Los Angeles County on 6/13/19. The registrant(s) has (have) commenced to transact business under the fictitious business name or names listed above on 6/2019. NOTICE: This Fictitious Name Statement expires five years from the date it was filed in the office of the County Clerk. A new Fictitious Business Name Statement must be filed prior to that date. The filing of this statement does not of itself authorize the use in this state of a Fictitious Business Name in violation of the rights of another under Federal, State, or common law (See section 14411 et seq. Business and Professions Code). Publish: ES Mountain Views News June 22, 29, July 6, and 13, 2019

FICTITIOUS BUSINESS NAME STATEMENT File No. 2019161303

The following person(s) is (are) doing business as: JG HANDYMAN, 1529 N SYCAMORE AVE APT 116, LOS ANGELES, CA 90028. Full name of registrant(s) is (are) RACHEL MERCIER GUILLERMO, 1529 N SYCAMORE APT 116, LOS ANGELES, CA 90036. This Business is conducted by An Individual. Signed: Rachel Guillermo, Owner. This statement was filed with the County Clerk of Los Angeles County on 6/12/19. The registrant(s) has (have) commenced to transact business under the fictitious business name or names listed above on 6/2019. NOTICE: This Fictitious Name Statement expires five years from the date it was filed in the office of the County Clerk. A new Fictitious Business Name Statement must be filed prior to that date. The filing of this statement does not of itself authorize the use in this state of a Fictitious Business Name in violation of the rights of another under Federal, State, or common law (See section 14411 et seq. Business and Professions Code). Publish: ES Mountain Views News June 22, 29, July 6, and 13, 2019

FICTITIOUS BUSINESS NAME STATEMENT File No. 2019161314

The following person(s) is (are) doing business as: PH ELECTRIC CO, 1178 N ACACIA AVE UNIT 9, GLENDALE, CA 91204. Full name of registrant(s) is (are) PETRO HOVHANNISYAN, 1178 N ACACIA AVE UNIT 9, GLENDALE, CA 91204. This Business is conducted by An Individual. Signed: Petro Hovhannisyan, Owner. This statement was filed with the County Clerk of Los Angeles County on 6/12/19. The registrant(s) has (have) commenced to transact business under the fictitious business name or names listed above on 7/1997. NOTICE: This Fictitious Name Statement expires five years from the date it was filed in the office of the County Clerk. A new Fictitious Business Name Statement must be filed prior to that date. The filing of this statement does not of itself authorize the use in this state of a Fictitious Business Name in violation of the rights of another under Federal, State, or common law (See section 14411 et seq. Business and Professions Code). Publish: ES Mountain Views News June 22, 29, July 6, and 13, 2019

FICTITIOUS BUSINESS NAME STATEMENT File No. 2019161322

The following person(s) is (are) doing business as: HAKOBYAN, 1223 W KENNETH RD, GLENDALE, CA 91201. Full name of registrant(s) is (are) ALFRED HAKOBYAN, 1223 W KENNETH RD, GLENDALE, CA 91201. This Business is conducted by An Individual. Signed: Alfred Hakobyan, Owner. This statement was filed with the County Clerk of Los Angeles County on 6/12/19. The registrant(s) has (have) commenced to transact business under the fictitious business name or names listed above on 1/2019. NOTICE: This Fictitious Name Statement expires five years from the date it was filed in the office of the County Clerk. A new Fictitious Business Name Statement must be filed prior to that date. The filing of this statement does not of itself authorize the use in this state of a Fictitious Business Name in violation of the rights of another under Federal, State, or common law (See section 14411 et seq. Business and Professions Code). Publish: ES Mountain Views News June 22, 29, July 6, and 13, 2019

FICTITIOUS BUSINESS NAME STATEMENT File No. 2019161366

The following person(s) is (are) doing business as: BIRDS HOMER, 9722 ROMAR ST, CHATSWORTH, CA 91311. Full name of registrant(s) is (are) ANTHONY EDWARDS, 9722 ROMAR ST, CHATSWORTH, CA 91311. This Business is conducted by An Individual. Signed: Anthony Edwards, Owner. This statement was filed with the County Clerk of Los Angeles County on 6/12/19. The registrant(s) has (have) commenced to transact business under the fictitious business name or names listed above on N/A. NOTICE: This Fictitious Name Statement expires five years from the date it was filed in the office of the County Clerk. A new Fictitious Business Name Statement must be filed prior to that date. The filing of this statement does not of itself authorize the use in this state of a Fictitious Business Name in violation of the rights of another under Federal, State, or common law (See section 14411 et seq. Business and Professions Code). Publish: ES Mountain Views News June 22, 29, July 6, and 13, 2019

FICTITIOUS BUSINESS NAME STATEMENT File No. 2019161436

The following person(s) is (are) doing business as: ACCRETION, INC, 7301 TOPANGA CANYON BLVD SUITE 326, CANOGA PARK, CA 91303; ACCESSION FINANCIAL SERVICES, 7301 TOPANGA CANYON BLVD SUITE 326, CANOGA PARK, CA 91303. Full name of registrant(s) is (are) ACCRETION INC, 7301 TOPANGA CANYON BLVD SUITE 326, CANOGA PARK, CA 91303. This Business is conducted by A Corporation. Signed: Accretion Inc, Ong C Locke, President. This statement was filed with the County Clerk of Los Angeles County on 6/12/19. The registrant(s) has (have) commenced to transact business under the fictitious business name or names listed above on N/A. NOTICE: This Fictitious Name Statement expires five years from the date it was filed in the office of the County Clerk. A new Fictitious Business Name Statement must be filed prior to that date. The filing of this statement does not of itself authorize the use in this state of a Fictitious Business Name in violation of the rights of another under Federal, State, or common law (See section 14411 et seq. Business and Professions Code). Publish: ES Mountain Views News June 22, 29, July 6, and 13, 2019

FICTITIOUS BUSINESS NAME STATEMENT File No. 2019161484

The following person(s) is (are) doing business as: EVERY DAY TOWING & TRANSPORT, 522 LUCERNE AVE, LOS ANGELES, CA 90005. Full name of registrant(s) is (are) A&B MOVERS INC, 522 LUCERNE AVE, LOS ANGELES, CA 90005. This Business is conducted by A Corporation. Signed: A&B Movers Inc, Brenda Godina, CEO. This statement was filed with the County Clerk of Los Angeles County on 6/12/19. The registrant(s) has (have) commenced to transact business under the fictitious business name or names listed above on N/A. NOTICE: This Fictitious Name Statement expires five years from the date it was filed in the office of the County Clerk. A new Fictitious Business Name Statement must be filed prior to that date. The filing of this statement does not of itself authorize the use in this state of a Fictitious Business Name in violation of the rights of another under Federal, State, or common law (See section 14411 et seq. Business and Professions Code). Publish: ES Mountain Views News June 22, 29, July 6, and 13, 2019

FICTITIOUS BUSINESS NAME STATEMENT File No. 2019161604

The following person(s) is (are) doing business as: SHIFT IN SEASON, 7001 LAUREL CANYON BLVD SUITE 377, STUDIO CITY, CA 91604. Full name of registrant(s) is (are) MANON BRANDT, 3940 LAUREL CANYON BLVD SUITE 377, STUDIO CITY, CA 91604. This Business is conducted by A Limited Liability Company. Signed: Shift in Season, LLC, Manon Brandt, Managing Member. This statement was filed with the County Clerk of Los Angeles County on 6/12/19. The registrant(s) has (have) commenced to transact business under the fictitious business name or names listed above on N/A. NOTICE: This Fictitious Name Statement expires five years from the date it was filed in the office of the County Clerk. A new Fictitious Business Name Statement must be filed prior to that date. The filing of this statement does not of itself authorize the use in this state of a Fictitious Business Name in violation of the rights of another under Federal, State, or common law (See section 14411 et seq. Business and Professions Code). Publish: ES Mountain Views News June 22, 29, July 6, and 13, 2019

FICTITIOUS BUSINESS NAME STATEMENT File No. 2019161622

The following person(s) is (are) doing business as: FRESH AIR CONDITIONING & HEATING, 14100 LANGDON AVE UNIT 7, NORTH HILLS, CA 91343. Full name of registrant(s) is (are) ADRIAN RAMIREZ, 14100 LANGDON AVE UNIT 7, NORTH HILLS, CA 91343. This Business is conducted by An Individual. Signed: Adrian Ramirez, Owner. This statement was filed with the County Clerk of Los Angeles County on 6/12/19.

Managing Member. This statement was filed with the County Clerk of Los Angeles County on 6/14/19. The registrant(s) has (have) commenced to transact business under the fictitious business name or names listed above on 6/2019. NOTICE: This Fictitious Name Statement expires five years from the date it was filed in the office of the County Clerk. A new Fictitious Business Name Statement must be filed prior to that date. The filing of this statement does not of itself authorize the use in this state of a Fictitious Business Name in violation of the rights of another under Federal, State, or common law (See section 14411 et seq. Business and Professions Code). Publish: ES Mountain Views News June 22, 29, July 6, and 13, 2019

FICTITIOUS BUSINESS NAME STATEMENT File No. 2019163768

The following person(s) is (are) doing business as: LUCKY TAQUITOS, 13600 FENTON AVE, SYLMAR, CA 91342. Full name of registrant(s) is (are) ALBA EFFE DIAZ, 13600 FENTON AVE, SYLMAR, CA 91342. This Business is conducted by A General Partnership. Signed: Alba Diaz, General Partner. This statement was filed with the County Clerk of Los Angeles County on 6/17/19. The registrant(s) has (have) commenced to transact business under the fictitious business name or names listed above on 6/2019. NOTICE: This Fictitious Name Statement expires five years from the date it was filed in the office of the County Clerk. A new Fictitious Business Name Statement must be filed prior to that date. The filing of this statement does not of itself authorize the use in this state of a Fictitious Business Name in violation of the rights of another under Federal, State, or common law (See section 14411 et seq. Business and Professions Code). Publish: ES Mountain Views News June 22, 29, July 6, and 13, 2019

FICTITIOUS BUSINESS NAME STATEMENT File No. 2019164027

The following person(s) is (are) doing business as: HAMMCK TAILORING & ALTERATIONS, 401 WILSON AVE #A, GLENDALE, CA 91206. Full name of registrant(s) is (are) HAMMCK HAKOBYAN, 401 WILSON AVE #A, GLENDALE, CA 91206. This Business is conducted by An Individual. Signed: Hammck Hakobyan, Owner. This statement was filed with the County Clerk of Los Angeles County on 6/17/19. The registrant(s) has (have) commenced to transact business under the fictitious business name or names listed above on 4/2019. NOTICE: This Fictitious Name Statement expires five years from the date it was filed in the office of the County Clerk. A new Fictitious Business Name Statement must be filed prior to that date. The filing of this statement does not of itself authorize the use in this state of a Fictitious Business Name in violation of the rights of another under Federal, State, or common law (See section 14411 et seq. Business and Professions Code). Publish: ES Mountain Views News June 22, 29, July 6, and 13, 2019

FICTITIOUS BUSINESS NAME STATEMENT File No. 2019164174

The following person(s) is (are) doing business as: LAWNDALE AUTO BODY CENTER, 4732 MANHATTAN BEACH BLVD, LAWNDALE, CA 90260. Full name of registrant(s) is (are) MANHATTAN AUTO SERVICE INC, 4732 MANHATTAN BEACH BLVD, LAWNDALE, CA 90260. This Business is conducted by A Corporation. Signed: Manhattan Auto Service Inc, Jay Ma, Secretary. This statement was filed with the County Clerk of Los Angeles County on 6/17/19. The registrant(s) has (have) commenced to transact business under the fictitious business name or names listed above on 12/2018. NOTICE: This Fictitious Name Statement expires five years from the date it was filed in the office of the County Clerk. A new Fictitious Business Name Statement must be filed prior to that date. The filing of this statement does not of itself authorize the use in this state of a Fictitious Business Name in violation of the rights of another under Federal, State, or common law (See section 14411 et seq. Business and Professions Code). Publish: ES Mountain Views News June 22, 29, July 6, and 13, 2019

FICTITIOUS BUSINESS NAME STATEMENT File No. 2019164755

The following person(s) is (are) doing business as: MARATHON POOL & SPA, 29011 DUNE LANE 100, CANYON COUNTRY, CA 91387. Full name of registrant(s) is (are) CAROLINE SALAZAR, 29011 DUNE LANE 100, CANYON COUNTRY, CA 91387. This Business is conducted by An Individual. Signed: Caroline Salazar, Owner. This statement was filed with the County Clerk of Los Angeles County on 6/17/19. The registrant(s) has (have) commenced to transact business under the fictitious business name or names listed above on 6/2019. NOTICE: This Fictitious Name Statement expires five years from the date it was filed in the office of the County Clerk. A new Fictitious Business Name Statement must be filed prior to that date. The filing of this statement does not of itself authorize the use in this state of a Fictitious Business Name in violation of the rights of another under Federal, State, or common law (See section 14411 et seq. Business and Professions Code). Publish: ES Mountain Views News June 22, 29, July 6, and 13, 2019

FICTITIOUS BUSINESS NAME STATEMENT File No. 2019164591

The following person(s) is (are) doing business as: THREE DECADES DESIGN, 16401 MATTHEWS ST #2007, NORTHRIDGE, CA 91324. Full name of registrant(s) is (are) AZAM SHARIFI, 16401 MATTHEWS ST #2007, NORTHRIDGE, CA 91324. This Business is conducted by An Individual. Signed: Azam Shakir, Owner. This statement was filed with the County Clerk of Los Angeles County on 6/17/19. The registrant(s) has (have) commenced to transact business under the fictitious business name or names listed above on N/A. NOTICE: This Fictitious Name Statement expires five years from the date it was filed in the office of the County Clerk. A new Fictitious Business Name Statement must be filed prior to that date. The filing of this statement does not of itself authorize the use in this state of a Fictitious Business Name in violation of the rights of another under Federal, State, or common law (See section 14411 et seq. Business and Professions Code). Publish: ES Mountain Views News June 22, 29, July 6, and 13, 2019

FICTITIOUS BUSINESS NAME STATEMENT File No. 2019163943

The following person(s) is (are) doing business as: PENTA PAINTING, 13708 VAN NUYS BLVD, PACOIMA, CA 91331. Full name of registrant(s) is (are) JESUS CHAVEZ, 13708 VAN NUYS BLVD, PACOIMA, CA 91331. This Business is conducted by An Individual. Signed: Jesus Chavez, Owner. This statement was filed with the County Clerk of Los Angeles County on 6/17/19. The registrant(s) has (have) commenced to transact business under the fictitious business name or names listed above on 6/2019. NOTICE: This Fictitious Name Statement expires five years from the date it was filed in the office of the County Clerk. A new Fictitious Business Name Statement must be filed prior to that date. The filing of this statement does not of itself authorize the use in this state of a Fictitious Business Name in violation of the rights of another under Federal, State, or common law (See section 14411 et seq. Business and Professions Code). Publish: ES Mountain Views News June 22, 29, July 6, and 13, 2019

FICTITIOUS BUSINESS NAME STATEMENT File No. 2019170669

The following person(s) is (are) doing business as: ZULU ZION, 4076 LANKERSHIM BLVD #1, LOS ANGELES, CA 91601; ZULU ZION PRODUCTIONS, 4076 LANKERSHIM BLVD #1, LOS ANGELES, CA 91601. Full name of registrant(s) is (are) SHUSHO OGUN, 1709 W CENTURY BLVD, WESTCHESTER, CA 90045. This Business is conducted by An Individual. Signed: Shusho Ogun, Owner. This statement was filed with the County Clerk of Los Angeles County on 6/19/19. The registrant(s) has (have) commenced to transact business under the fictitious business name or names listed above on 3/2019. NOTICE: This Fictitious Name Statement expires five years from the date it was filed in the office of the County Clerk. A new Fictitious Business Name Statement must be filed prior to that date. The filing of this statement does not of itself authorize the use in this state of a Fictitious Business Name in violation of the rights of another under Federal, State, or common law (See section 14411 et seq. Business and Professions Code). Publish: ES Mountain Views News June 22, 29, July 6, and 13, 2019

FICTITIOUS BUSINESS NAME STATEMENT File No. 2019171369

The following person(s) is (are) doing business as: DEER VALLEY DESIGN, 24701 HERMOSA AVE, SAN PEDRO, CA 90731. Full name of registrant(s) is (are) CHERYL L DUNNE, 2309 ROSCOMARE ROAD SUITE 25, LOS ANGELES, CA 90077. This Business is conducted by An Individual. Signed: Cheryl Dunne, Owner. This statement was filed with the County Clerk of Los Angeles County on 6/19/19. The registrant(s) has (have) commenced to transact business under the fictitious business name or names listed above on N/A. NOTICE: This Fictitious Name Statement expires five years from the date it was filed in the office of the County Clerk. A new Fictitious Business Name Statement must be filed prior to that date. The filing of this statement does not of itself authorize the use in this state of a Fictitious Business Name in violation of the rights of another under Federal, State, or common law (See section 14411 et seq. Business and Professions Code). Publish: ES Mountain Views News June 22, 29, July 6, and 13, 2019

FICTITIOUS BUSINESS NAME STATEMENT File No. 2019171529

The following person(s) is (are) doing business as: HYPERION AUTO BODY & PAINT, 7328 ETHEL AVE, NORTH HOLLYWOOD, CA 91605. Full name of registrant(s) is (are) SARKIS ANDONYAN, 7328 ETHEL AVE, NORTH HOLLYWOOD, CA 91605. This Business is conducted by An Individual. Signed: Sarkis Andonyan, Owner. This statement was filed with the County Clerk of Los Angeles County on 6/19/19.

Mountain Views News 80 W Sierra Madre Blvd. No. 327 Sierra Madre, Ca. 91024 Office: 626.355.2737 Fax: 626.609.3285 Email: editor@mtnviewsnews.com Website: www.mtnviewsnews.com
